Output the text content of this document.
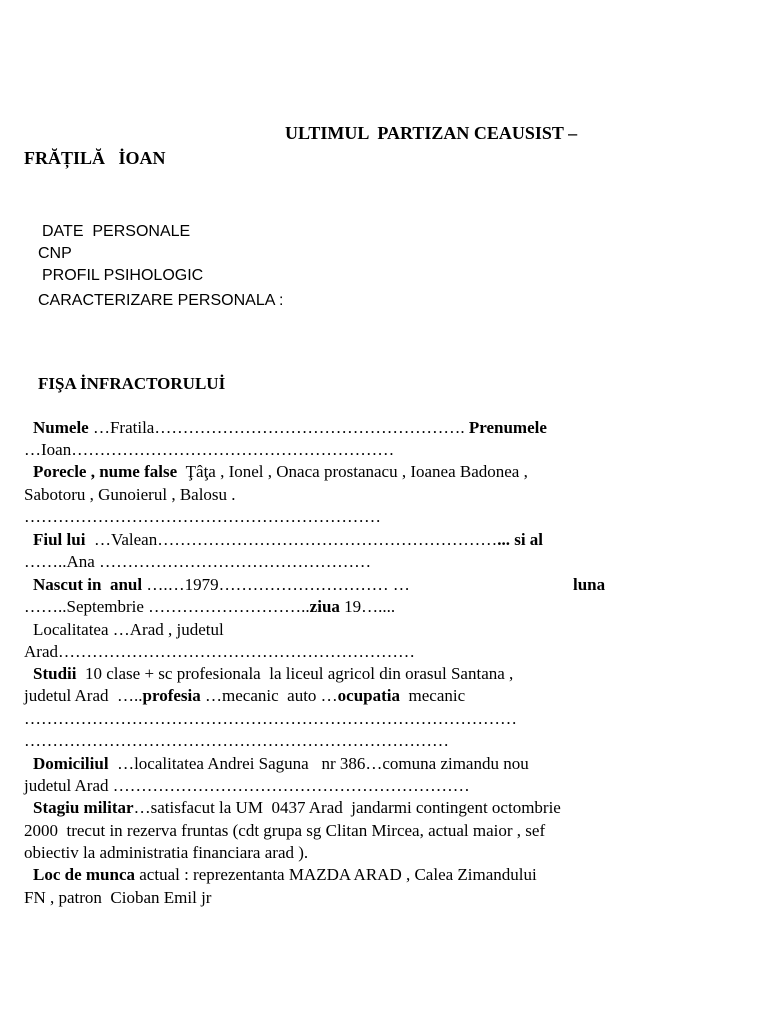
ULTIMUL  PARTIZAN CEAUSIST –
FRĂȚILĂ   İOAN
DATE  PERSONALE
CNP
PROFIL PSIHOLOGIC
CARACTERIZARE PERSONALA :
FIŞA İNFRACTORULUİ
Numele …Fratila………………………………………………. Prenumele
…Ioan…………………………………………………
Porecle , nume false  Ţâţa , Ionel , Onaca prostanacu , Ioanea Badonea ,
Sabotoru , Gunoierul , Balosu .
………………………………………………………
Fiul lui  …Valean……………………………………………………... si al
……..Ana …………………………………………
Nascut in  anul ….…1979………………………… …	luna
……..Septembrie ………………………..ziua 19…....
Localitatea …Arad , judetul
Arad………………………………………………………
Studii  10 clase + sc profesionala  la liceul agricol din orasul Santana ,
judetul Arad  …..profesia …mecanic  auto …ocupatia  mecanic
……………………………………………………………………………
…………………………………………………………………
Domiciliul  …localitatea Andrei Saguna   nr 386…comuna zimandu nou
judetul Arad ………………………………………………………
Stagiu militar…satisfacut la UM  0437 Arad  jandarmi contingent octombrie
2000  trecut in rezerva fruntas (cdt grupa sg Clitan Mircea, actual maior , sef
obiectiv la administratia financiara arad ).
Loc de munca actual : reprezentanta MAZDA ARAD , Calea Zimandului
FN , patron  Cioban Emil jr
